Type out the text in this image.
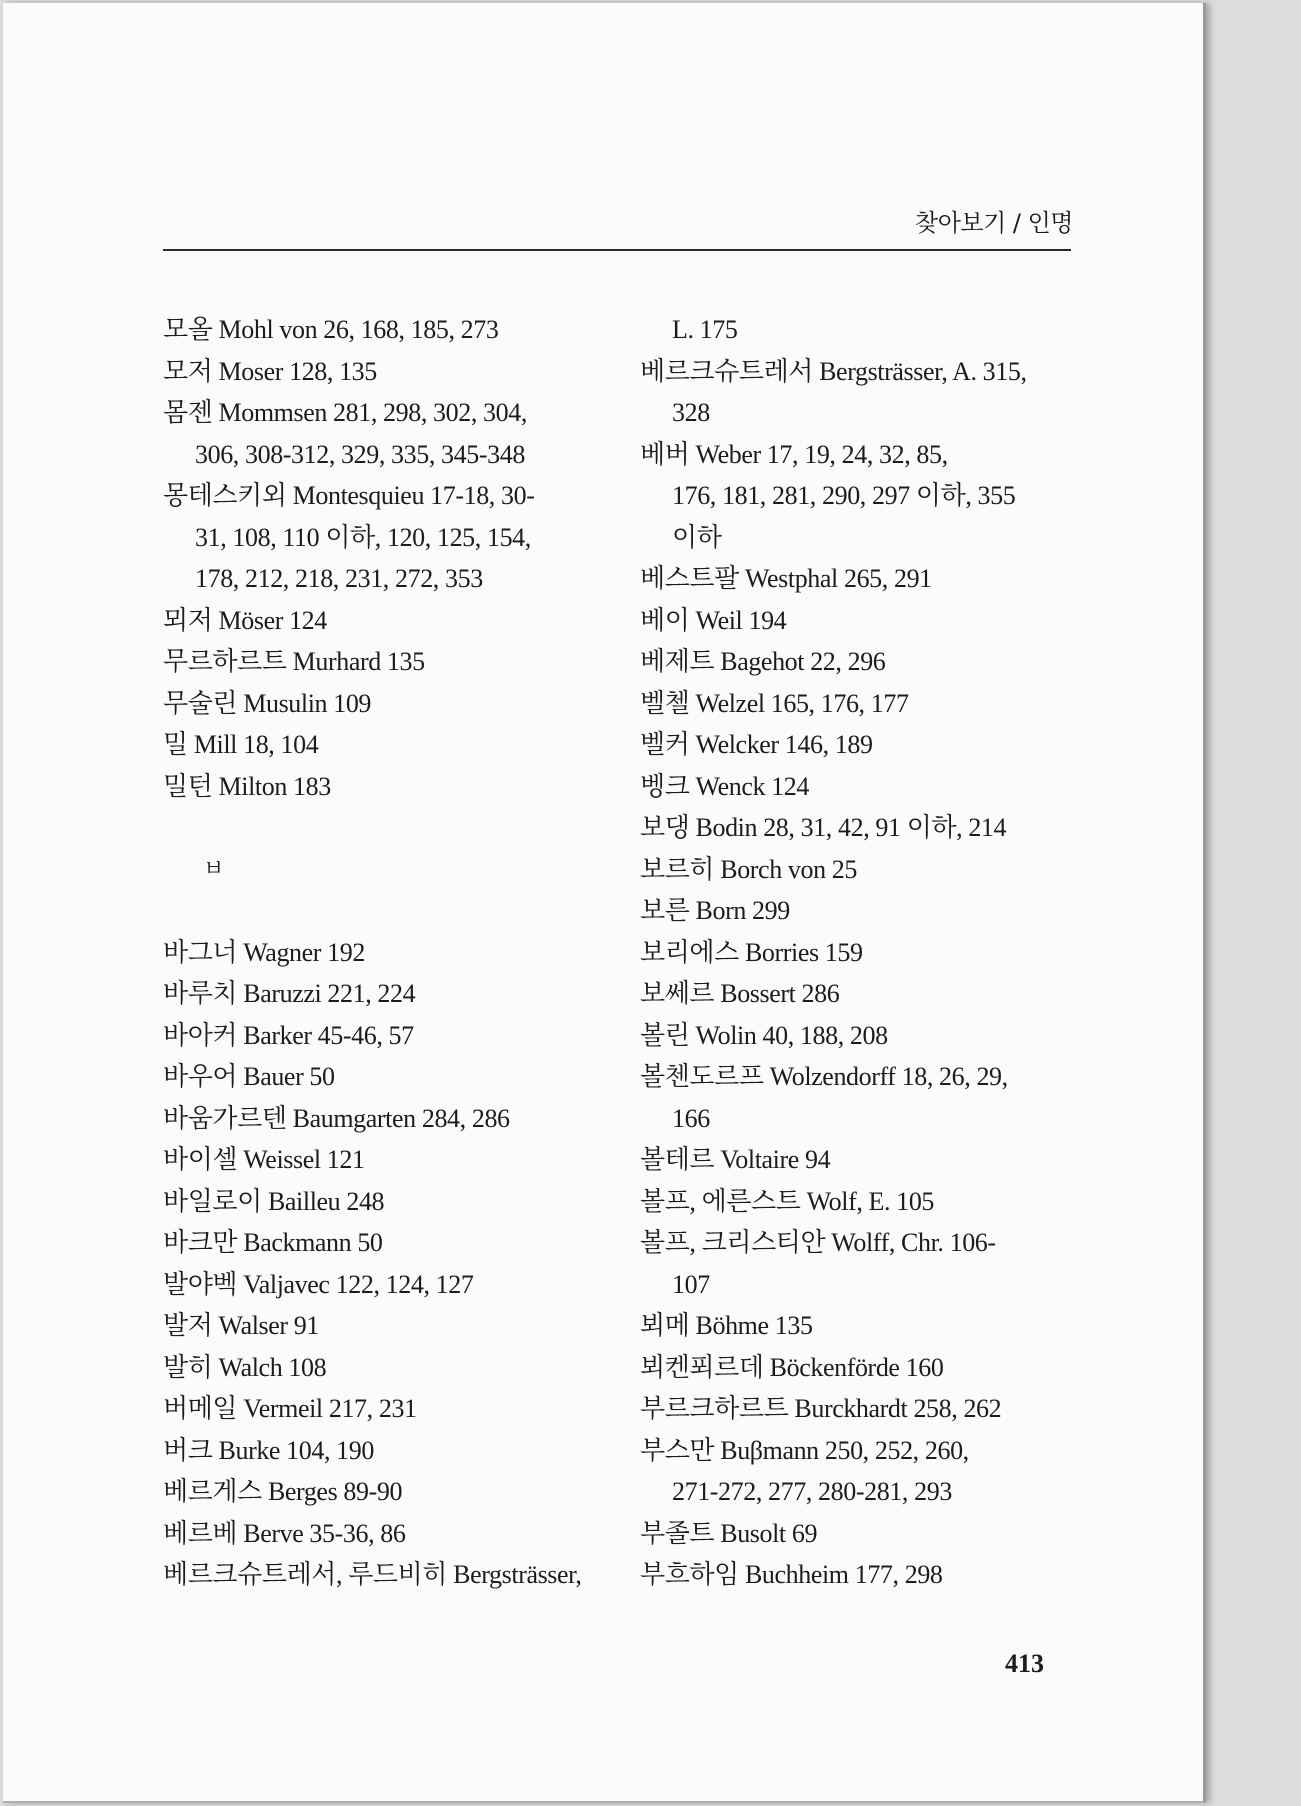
찾아보기 / 인명
모올 Mohl von 26, 168, 185, 273
모저 Moser 128, 135
몸젠 Mommsen 281, 298, 302, 304,
306, 308-312, 329, 335, 345-348
몽테스키외 Montesquieu 17-18, 30-
31, 108, 110 이하, 120, 125, 154,
178, 212, 218, 231, 272, 353
뫼저 Möser 124
무르하르트 Murhard 135
무술린 Musulin 109
밀 Mill 18, 104
밀턴 Milton 183
ㅂ
바그너 Wagner 192
바루치 Baruzzi 221, 224
바아커 Barker 45-46, 57
바우어 Bauer 50
바움가르텐 Baumgarten 284, 286
바이셀 Weissel 121
바일로이 Bailleu 248
바크만 Backmann 50
발야벡 Valjavec 122, 124, 127
발저 Walser 91
발히 Walch 108
버메일 Vermeil 217, 231
버크 Burke 104, 190
베르게스 Berges 89-90
베르베 Berve 35-36, 86
베르크슈트레서, 루드비히 Bergsträsser,
L. 175
베르크슈트레서 Bergsträsser, A. 315,
328
베버 Weber 17, 19, 24, 32, 85,
176, 181, 281, 290, 297 이하, 355
이하
베스트팔 Westphal 265, 291
베이 Weil 194
베제트 Bagehot 22, 296
벨첼 Welzel 165, 176, 177
벨커 Welcker 146, 189
벵크 Wenck 124
보댕 Bodin 28, 31, 42, 91 이하, 214
보르히 Borch von 25
보른 Born 299
보리에스 Borries 159
보쎄르 Bossert 286
볼린 Wolin 40, 188, 208
볼첸도르프 Wolzendorff 18, 26, 29,
166
볼테르 Voltaire 94
볼프, 에른스트 Wolf, E. 105
볼프, 크리스티안 Wolff, Chr. 106-
107
뵈메 Böhme 135
뵈켄푀르데 Böckenförde 160
부르크하르트 Burckhardt 258, 262
부스만 Buβmann 250, 252, 260,
271-272, 277, 280-281, 293
부졸트 Busolt 69
부흐하임 Buchheim 177, 298
413
